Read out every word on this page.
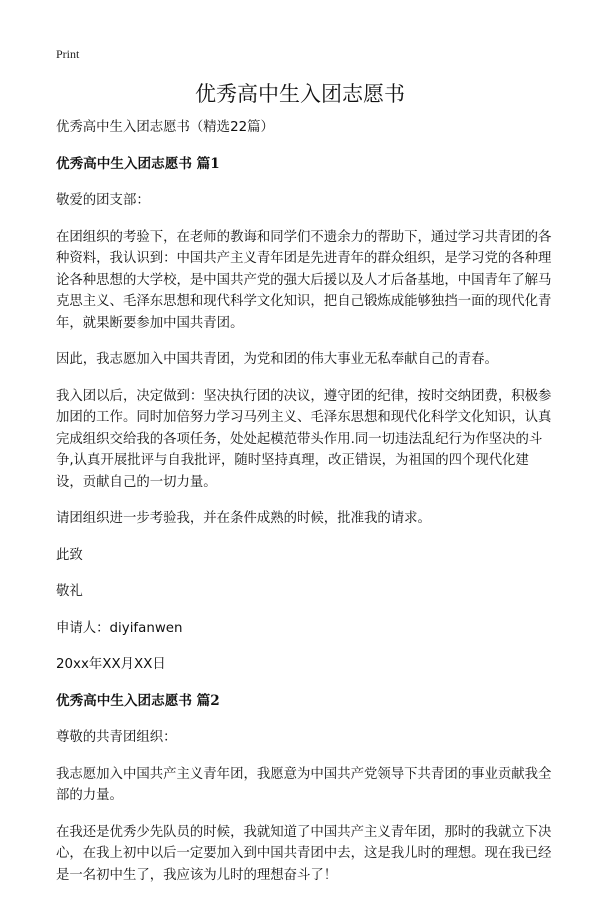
Print
优秀高中生入团志愿书

优秀高中生入团志愿书（精选22篇）

优秀高中生入团志愿书 篇1

敬爱的团支部：

在团组织的考验下，在老师的教诲和同学们不遗余力的帮助下，通过学习共青团的各种资料，我认识到：中国共产主义青年团是先进青年的群众组织，是学习党的各种理论各种思想的大学校，是中国共产党的强大后援以及人才后备基地，中国青年了解马克思主义、毛泽东思想和现代科学文化知识，把自己锻炼成能够独挡一面的现代化青年，就果断要参加中国共青团。

因此，我志愿加入中国共青团，为党和团的伟大事业无私奉献自己的青春。

我入团以后，决定做到：坚决执行团的决议，遵守团的纪律，按时交纳团费，积极参加团的工作。同时加倍努力学习马列主义、毛泽东思想和现代化科学文化知识，认真完成组织交给我的各项任务，处处起模范带头作用.同一切违法乱纪行为作坚决的斗争,认真开展批评与自我批评，随时坚持真理，改正错误，为祖国的四个现代化建设，贡献自己的一切力量。

请团组织进一步考验我，并在条件成熟的时候，批准我的请求。

此致

敬礼

申请人：diyifanwen

20xx年XX月XX日

优秀高中生入团志愿书 篇2

尊敬的共青团组织：

我志愿加入中国共产主义青年团，我愿意为中国共产党领导下共青团的事业贡献我全部的力量。

在我还是优秀少先队员的时候，我就知道了中国共产主义青年团，那时的我就立下决心，在我上初中以后一定要加入到中国共青团中去，这是我儿时的理想。现在我已经是一名初中生了，我应该为儿时的理想奋斗了！
